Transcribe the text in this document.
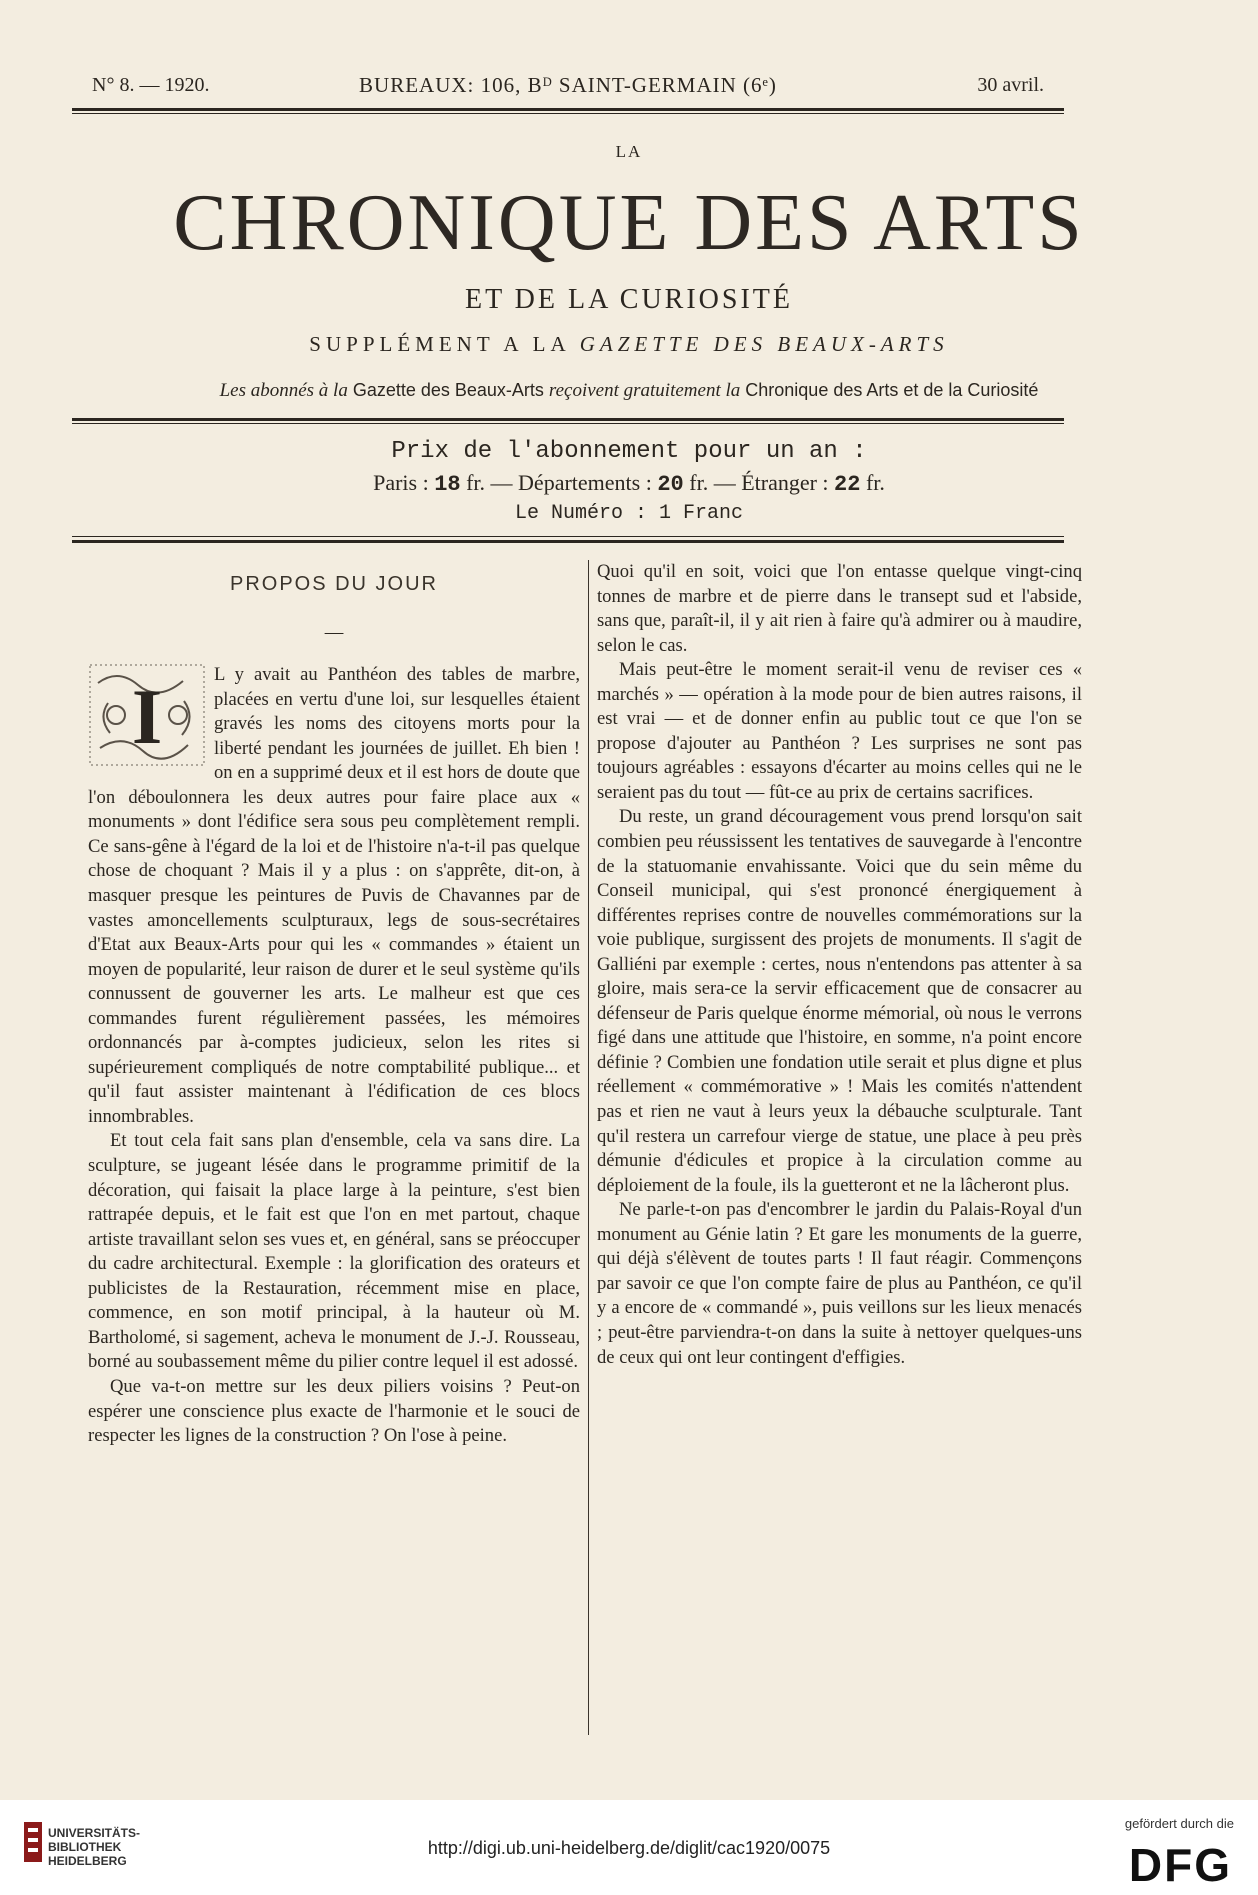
N° 8. — 1920.	BUREAUX: 106, Bᴰ SAINT-GERMAIN (6ᵉ)	30 avril.
LA
CHRONIQUE DES ARTS
ET DE LA CURIOSITÉ
SUPPLÉMENT A LA GAZETTE DES BEAUX-ARTS
Les abonnés à la Gazette des Beaux-Arts reçoivent gratuitement la Chronique des Arts et de la Curiosité
Prix de l'abonnement pour un an :
Paris : 18 fr. — Départements : 20 fr. — Étranger : 22 fr.
Le Numéro : 1 Franc
PROPOS DU JOUR
—
I	L y avait au Panthéon des tables de marbre, placées en vertu d'une loi, sur lesquelles étaient gravés les noms des citoyens morts pour la liberté pendant les journées de juillet. Eh bien ! on en a supprimé deux et il est hors de doute que l'on déboulonnera les deux autres pour faire place aux « monuments » dont l'édifice sera sous peu complètement rempli. Ce sans-gêne à l'égard de la loi et de l'histoire n'a-t-il pas quelque chose de choquant ? Mais il y a plus : on s'apprête, dit-on, à masquer presque les peintures de Puvis de Chavannes par de vastes amoncellements sculpturaux, legs de sous-secrétaires d'Etat aux Beaux-Arts pour qui les « commandes » étaient un moyen de popularité, leur raison de durer et le seul système qu'ils connussent de gouverner les arts. Le malheur est que ces commandes furent régulièrement passées, les mémoires ordonnancés par à-comptes judicieux, selon les rites si supérieurement compliqués de notre comptabilité publique... et qu'il faut assister maintenant à l'édification de ces blocs innombrables.

Et tout cela fait sans plan d'ensemble, cela va sans dire. La sculpture, se jugeant lésée dans le programme primitif de la décoration, qui faisait la place large à la peinture, s'est bien rattrapée depuis, et le fait est que l'on en met partout, chaque artiste travaillant selon ses vues et, en général, sans se préoccuper du cadre architectural. Exemple : la glorification des orateurs et publicistes de la Restauration, récemment mise en place, commence, en son motif principal, à la hauteur où M. Bartholomé, si sagement, acheva le monument de J.-J. Rousseau, borné au soubassement même du pilier contre lequel il est adossé.

Que va-t-on mettre sur les deux piliers voisins ? Peut-on espérer une conscience plus exacte de l'harmonie et le souci de respecter les lignes de la construction ? On l'ose à peine.

Quoi qu'il en soit, voici que l'on entasse quelque vingt-cinq tonnes de marbre et de pierre dans le transept sud et l'abside, sans que, paraît-il, il y ait rien à faire qu'à admirer ou à maudire, selon le cas.

Mais peut-être le moment serait-il venu de reviser ces « marchés » — opération à la mode pour de bien autres raisons, il est vrai — et de donner enfin au public tout ce que l'on se propose d'ajouter au Panthéon ? Les surprises ne sont pas toujours agréables : essayons d'écarter au moins celles qui ne le seraient pas du tout — fût-ce au prix de certains sacrifices.

Du reste, un grand découragement vous prend lorsqu'on sait combien peu réussissent les tentatives de sauvegarde à l'encontre de la statuomanie envahissante. Voici que du sein même du Conseil municipal, qui s'est prononcé énergiquement à différentes reprises contre de nouvelles commémorations sur la voie publique, surgissent des projets de monuments. Il s'agit de Galliéni par exemple : certes, nous n'entendons pas attenter à sa gloire, mais sera-ce la servir efficacement que de consacrer au défenseur de Paris quelque énorme mémorial, où nous le verrons figé dans une attitude que l'histoire, en somme, n'a point encore définie ? Combien une fondation utile serait et plus digne et plus réellement « commémorative » ! Mais les comités n'attendent pas et rien ne vaut à leurs yeux la débauche sculpturale. Tant qu'il restera un carrefour vierge de statue, une place à peu près démunie d'édicules et propice à la circulation comme au déploiement de la foule, ils la guetteront et ne la lâcheront plus.

Ne parle-t-on pas d'encombrer le jardin du Palais-Royal d'un monument au Génie latin ? Et gare les monuments de la guerre, qui déjà s'élèvent de toutes parts ! Il faut réagir. Commençons par savoir ce que l'on compte faire de plus au Panthéon, ce qu'il y a encore de « commandé », puis veillons sur les lieux menacés ; peut-être parviendra-t-on dans la suite à nettoyer quelques-uns de ceux qui ont leur contingent d'effigies.

UNIVERSITÄTS-
BIBLIOTHEK
HEIDELBERG
http://digi.ub.uni-heidelberg.de/diglit/cac1920/0075
gefördert durch die
DFG
